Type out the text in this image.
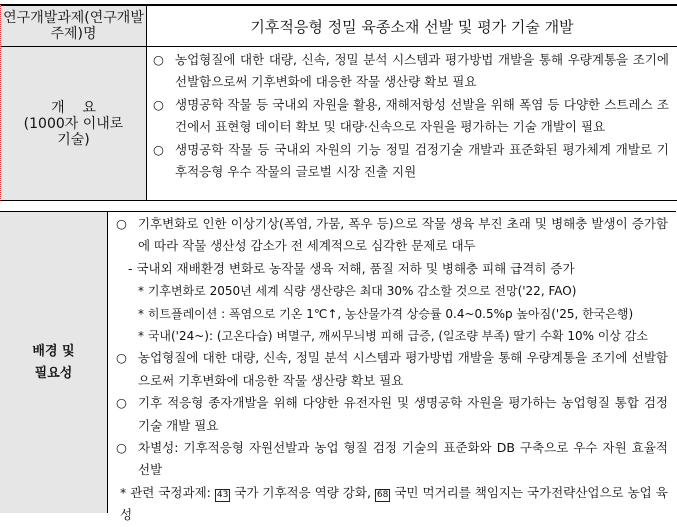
연구개발과제(연구개발주제)명	기후적응형 정밀 육종소재 선발 및 평가 기술 개발
개    요
(1000자 이내로 기술)
○ 농업형질에 대한 대량, 신속, 정밀 분석 시스템과 평가방법 개발을 통해 우량계통을 조기에 선발함으로써 기후변화에 대응한 작물 생산량 확보 필요
○ 생명공학 작물 등 국내외 자원을 활용, 재해저항성 선발을 위해 폭염 등 다양한 스트레스 조건에서 표현형 데이터 확보 및 대량·신속으로 자원을 평가하는 기술 개발이 필요
○ 생명공학 작물 등 국내외 자원의 기능 정밀 검정기술 개발과 표준화된 평가체계 개발로 기후적응형 우수 작물의 글로벌 시장 진출 지원
배경 및
필요성
○ 기후변화로 인한 이상기상(폭염, 가뭄, 폭우 등)으로 작물 생육 부진 초래 및 병해충 발생이 증가함에 따라 작물 생산성 감소가 전 세계적으로 심각한 문제로 대두
- 국내외 재배환경 변화로 농작물 생육 저해, 품질 저하 및 병해충 피해 급격히 증가
* 기후변화로 2050년 세계 식량 생산량은 최대 30% 감소할 것으로 전망('22, FAO)
* 히트플레이션 : 폭염으로 기온 1℃↑, 농산물가격 상승률 0.4~0.5%p 높아짐('25, 한국은행)
* 국내('24~): (고온다습) 벼멸구, 깨씨무늬병 피해 급증, (일조량 부족) 딸기 수확 10% 이상 감소
○ 농업형질에 대한 대량, 신속, 정밀 분석 시스템과 평가방법 개발을 통해 우량계통을 조기에 선발함으로써 기후변화에 대응한 작물 생산량 확보 필요
○ 기후 적응형 종자개발을 위해 다양한 유전자원 및 생명공학 자원을 평가하는 농업형질 통합 검정기술 개발 필요
○ 차별성: 기후적응형 자원선발과 농업 형질 검정 기술의 표준화와 DB 구축으로 우수 자원 효율적 선발
* 관련 국정과제: 43 국가 기후적응 역량 강화, 68 국민 먹거리를 책임지는 국가전략산업으로 농업 육성
